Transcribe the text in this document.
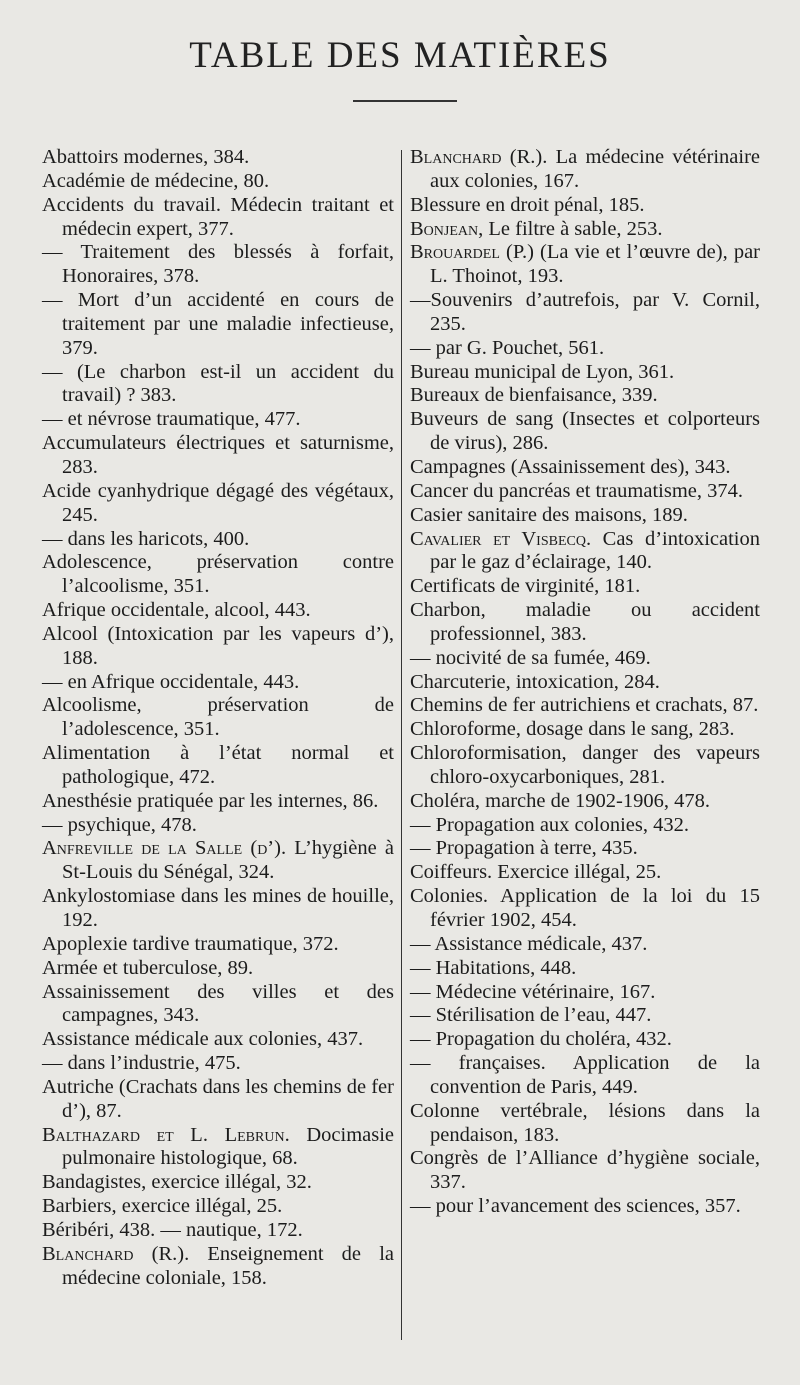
TABLE DES MATIÈRES
Abattoirs modernes, 384.
Académie de médecine, 80.
Accidents du travail. Médecin traitant et médecin expert, 377.
— Traitement des blessés à forfait, Honoraires, 378.
— Mort d’un accidenté en cours de traitement par une maladie infectieuse, 379.
— (Le charbon est-il un accident du travail) ? 383.
— et névrose traumatique, 477.
Accumulateurs électriques et saturnisme, 283.
Acide cyanhydrique dégagé des végétaux, 245.
— dans les haricots, 400.
Adolescence, préservation contre l’alcoolisme, 351.
Afrique occidentale, alcool, 443.
Alcool (Intoxication par les vapeurs d’), 188.
— en Afrique occidentale, 443.
Alcoolisme, préservation de l’adolescence, 351.
Alimentation à l’état normal et pathologique, 472.
Anesthésie pratiquée par les internes, 86.
— psychique, 478.
Anfreville de la Salle (d’). L’hygiène à St-Louis du Sénégal, 324.
Ankylostomiase dans les mines de houille, 192.
Apoplexie tardive traumatique, 372.
Armée et tuberculose, 89.
Assainissement des villes et des campagnes, 343.
Assistance médicale aux colonies, 437.
— dans l’industrie, 475.
Autriche (Crachats dans les chemins de fer d’), 87.
Balthazard et L. Lebrun. Docimasie pulmonaire histologique, 68.
Bandagistes, exercice illégal, 32.
Barbiers, exercice illégal, 25.
Béribéri, 438. — nautique, 172.
Blanchard (R.). Enseignement de la médecine coloniale, 158.
Blanchard (R.). La médecine vétérinaire aux colonies, 167.
Blessure en droit pénal, 185.
Bonjean, Le filtre à sable, 253.
Brouardel (P.) (La vie et l’œuvre de), par L. Thoinot, 193.
—Souvenirs d’autrefois, par V. Cornil, 235.
— par G. Pouchet, 561.
Bureau municipal de Lyon, 361.
Bureaux de bienfaisance, 339.
Buveurs de sang (Insectes et colporteurs de virus), 286.
Campagnes (Assainissement des), 343.
Cancer du pancréas et traumatisme, 374.
Casier sanitaire des maisons, 189.
Cavalier et Visbecq. Cas d’intoxication par le gaz d’éclairage, 140.
Certificats de virginité, 181.
Charbon, maladie ou accident professionnel, 383.
— nocivité de sa fumée, 469.
Charcuterie, intoxication, 284.
Chemins de fer autrichiens et crachats, 87.
Chloroforme, dosage dans le sang, 283.
Chloroformisation, danger des vapeurs chloro-oxycarboniques, 281.
Choléra, marche de 1902-1906, 478.
— Propagation aux colonies, 432.
— Propagation à terre, 435.
Coiffeurs. Exercice illégal, 25.
Colonies. Application de la loi du 15 février 1902, 454.
— Assistance médicale, 437.
— Habitations, 448.
— Médecine vétérinaire, 167.
— Stérilisation de l’eau, 447.
— Propagation du choléra, 432.
— françaises. Application de la convention de Paris, 449.
Colonne vertébrale, lésions dans la pendaison, 183.
Congrès de l’Alliance d’hygiène sociale, 337.
— pour l’avancement des sciences, 357.
